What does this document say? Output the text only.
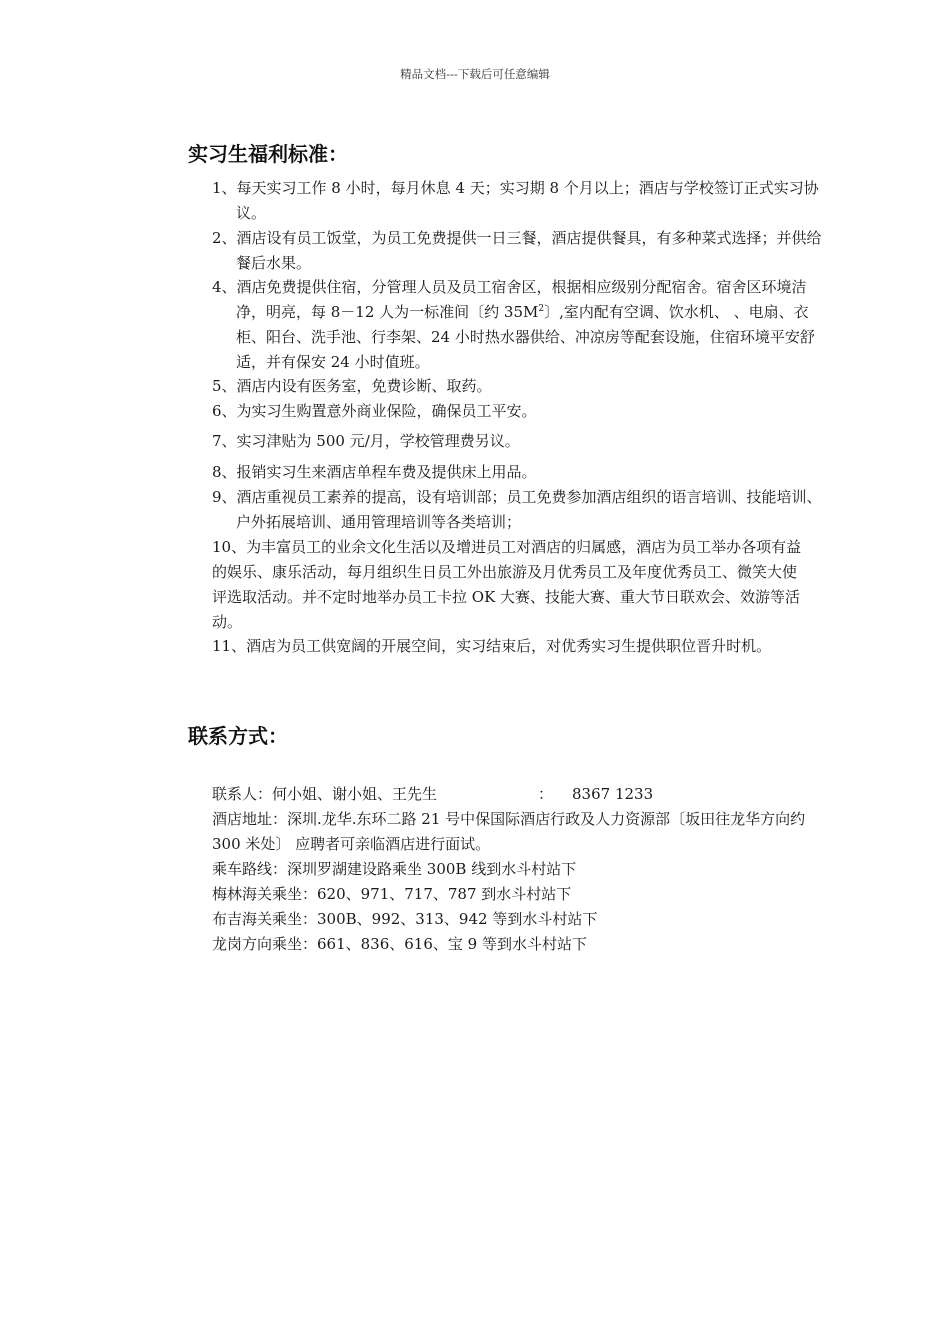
精品文档---下载后可任意编辑
实习生福利标准：
1、每天实习工作 8 小时，每月休息 4 天；实习期 8 个月以上；酒店与学校签订正式实习协议。
2、酒店设有员工饭堂，为员工免费提供一日三餐，酒店提供餐具，有多种菜式选择；并供给餐后水果。
4、酒店免费提供住宿，分管理人员及员工宿舍区，根据相应级别分配宿舍。宿舍区环境洁净，明亮，每 8－12 人为一标准间〔约 $35M^2$〕,室内配有空调、饮水机、 、电扇、衣柜、阳台、洗手池、行李架、24 小时热水器供给、冲凉房等配套设施，住宿环境平安舒适，并有保安 24 小时值班。
5、酒店内设有医务室，免费诊断、取药。
6、为实习生购置意外商业保险，确保员工平安。
7、实习津贴为 500 元/月，学校管理费另议。
8、报销实习生来酒店单程车费及提供床上用品。
9、酒店重视员工素养的提高，设有培训部；员工免费参加酒店组织的语言培训、技能培训、户外拓展培训、通用管理培训等各类培训；
10、为丰富员工的业余文化生活以及增进员工对酒店的归属感，酒店为员工举办各项有益的娱乐、康乐活动，每月组织生日员工外出旅游及月优秀员工及年度优秀员工、微笑大使评选取活动。并不定时地举办员工卡拉 OK 大赛、技能大赛、重大节日联欢会、效游等活动。
11、酒店为员工供宽阔的开展空间，实习结束后，对优秀实习生提供职位晋升时机。
联系方式：
联系人：何小姐、谢小姐、王先生	： 8367 1233
酒店地址：深圳.龙华.东环二路 21 号中保国际酒店行政及人力资源部〔坂田往龙华方向约 300 米处〕 应聘者可亲临酒店进行面试。
乘车路线：深圳罗湖建设路乘坐 300B 线到水斗村站下
梅林海关乘坐：620、971、717、787 到水斗村站下
布吉海关乘坐：300B、992、313、942 等到水斗村站下
龙岗方向乘坐：661、836、616、宝 9 等到水斗村站下
